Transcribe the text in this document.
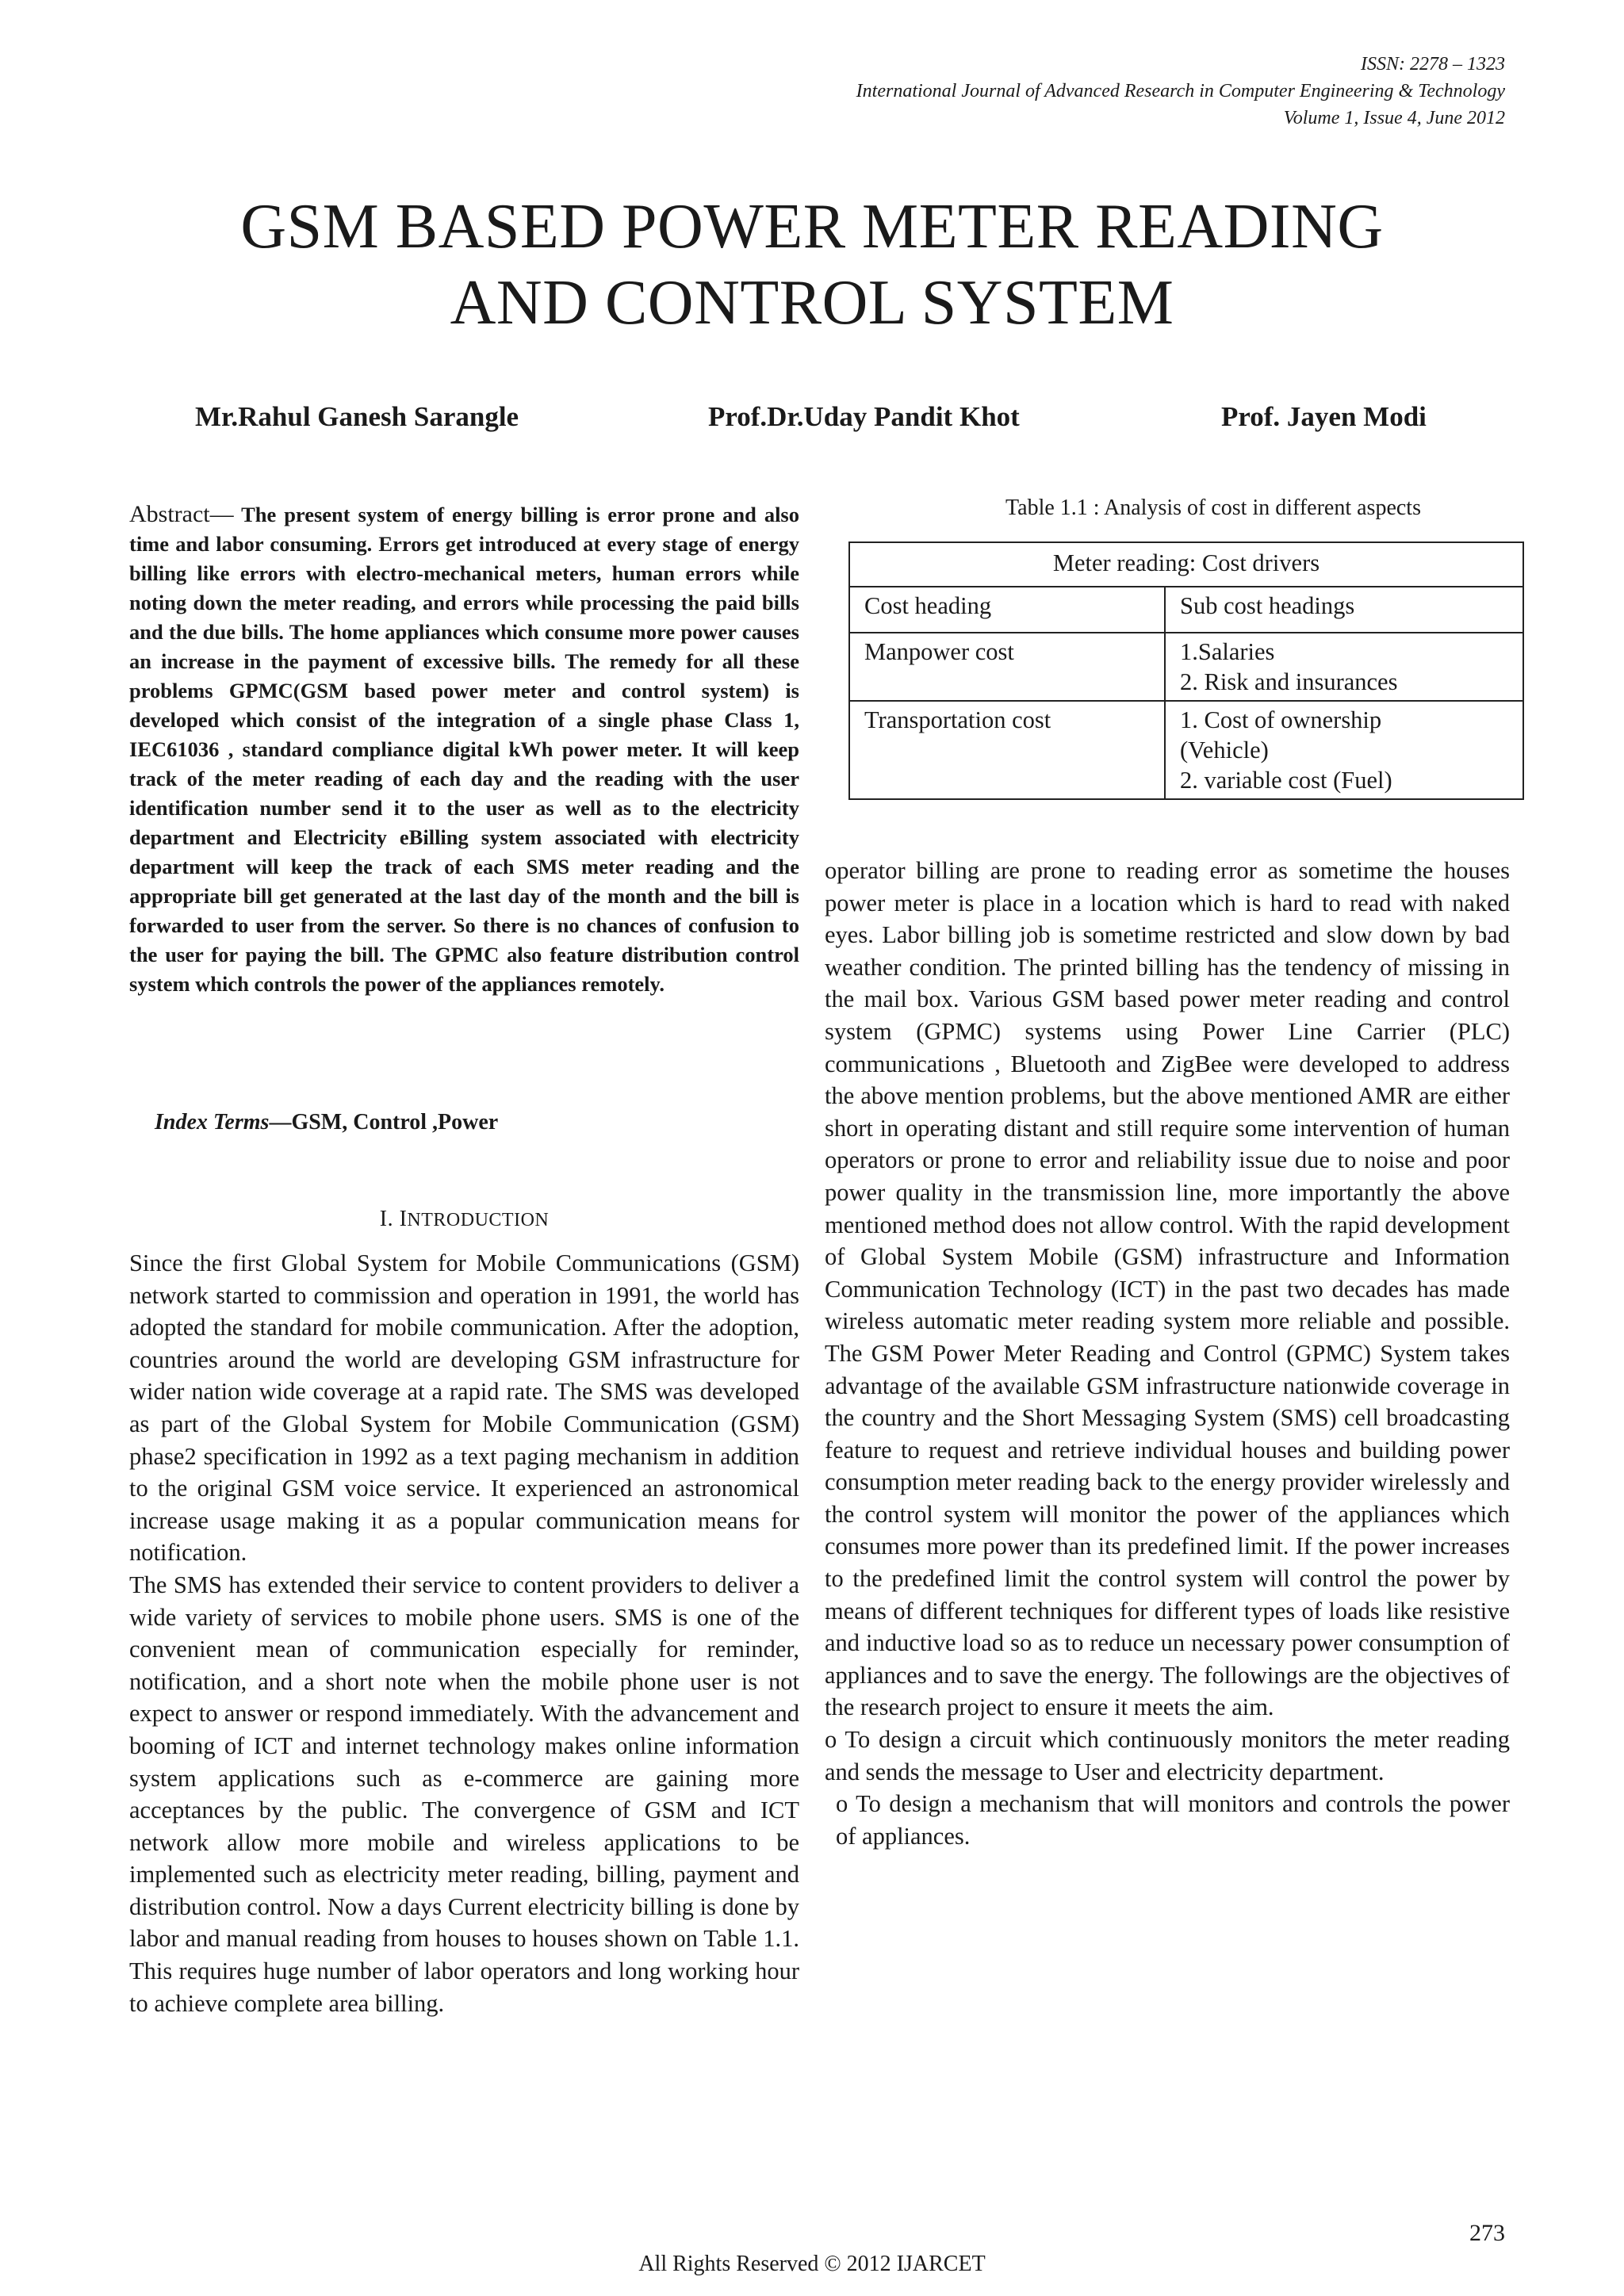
ISSN: 2278 – 1323
International Journal of Advanced Research in Computer Engineering & Technology
Volume 1, Issue 4, June 2012
GSM BASED POWER METER READING
AND CONTROL SYSTEM
Mr.Rahul Ganesh Sarangle	Prof.Dr.Uday Pandit Khot	Prof. Jayen Modi
Abstract— The present system of energy billing is error prone and also time and labor consuming. Errors get introduced at every stage of energy billing like errors with electro-mechanical meters, human errors while noting down the meter reading, and errors while processing the paid bills and the due bills. The home appliances which consume more power causes an increase in the payment of excessive bills. The remedy for all these problems GPMC(GSM based power meter and control system) is developed which consist of the integration of a single phase Class 1, IEC61036 , standard compliance digital kWh power meter. It will keep track of the meter reading of each day and the reading with the user identification number send it to the user as well as to the electricity department and Electricity eBilling system associated with electricity department will keep the track of each SMS meter reading and the appropriate bill get generated at the last day of the month and the bill is forwarded to user from the server. So there is no chances of confusion to the user for paying the bill. The GPMC also feature distribution control system which controls the power of the appliances remotely.
Index Terms—GSM, Control ,Power
I. INTRODUCTION

Since the first Global System for Mobile Communications (GSM) network started to commission and operation in 1991, the world has adopted the standard for mobile communication. After the adoption, countries around the world are developing GSM infrastructure for wider nation wide coverage at a rapid rate. The SMS was developed as part of the Global System for Mobile Communication (GSM) phase2 specification in 1992 as a text paging mechanism in addition to the original GSM voice service. It experienced an astronomical increase usage making it as a popular communication means for notification.

The SMS has extended their service to content providers to deliver a wide variety of services to mobile phone users. SMS is one of the convenient mean of communication especially for reminder, notification, and a short note when the mobile phone user is not expect to answer or respond immediately. With the advancement and booming of ICT and internet technology makes online information system applications such as e-commerce are gaining more acceptances by the public. The convergence of GSM and ICT network allow more mobile and wireless applications to be implemented such as electricity meter reading, billing, payment and distribution control. Now a days Current electricity billing is done by labor and manual reading from houses to houses shown on Table 1.1. This requires huge number of labor operators and long working hour to achieve complete area billing.

Table 1.1 : Analysis of cost in different aspects
Meter reading: Cost drivers	
Cost heading	Sub cost headings
Manpower cost	1.Salaries
2. Risk and insurances

Transportation cost	1. Cost of ownership
(Vehicle)
2. variable cost (Fuel)

operator billing are prone to reading error as sometime the houses power meter is place in a location which is hard to read with naked eyes. Labor billing job is sometime restricted and slow down by bad weather condition. The printed billing has the tendency of missing in the mail box. Various GSM based power meter reading and control system (GPMC) systems using Power Line Carrier (PLC) communications , Bluetooth and ZigBee were developed to address the above mention problems, but the above mentioned AMR are either short in operating distant and still require some intervention of human operators or prone to error and reliability issue due to noise and poor power quality in the transmission line, more importantly the above mentioned method does not allow control. With the rapid development of Global System Mobile (GSM) infrastructure and Information Communication Technology (ICT) in the past two decades has made wireless automatic meter reading system more reliable and possible. The GSM Power Meter Reading and Control (GPMC) System takes advantage of the available GSM infrastructure nationwide coverage in the country and the Short Messaging System (SMS) cell broadcasting feature to request and retrieve individual houses and building power consumption meter reading back to the energy provider wirelessly and the control system will monitor the power of the appliances which consumes more power than its predefined limit. If the power increases to the predefined limit the control system will control the power by means of different techniques for different types of loads like resistive and inductive load so as to reduce un necessary power consumption of appliances and to save the energy. The followings are the objectives of the research project to ensure it meets the aim.

o To design a circuit which continuously monitors the meter reading and sends the message to User and electricity department.

o To design a mechanism that will monitors and controls the power of appliances.

273
All Rights Reserved © 2012 IJARCET
